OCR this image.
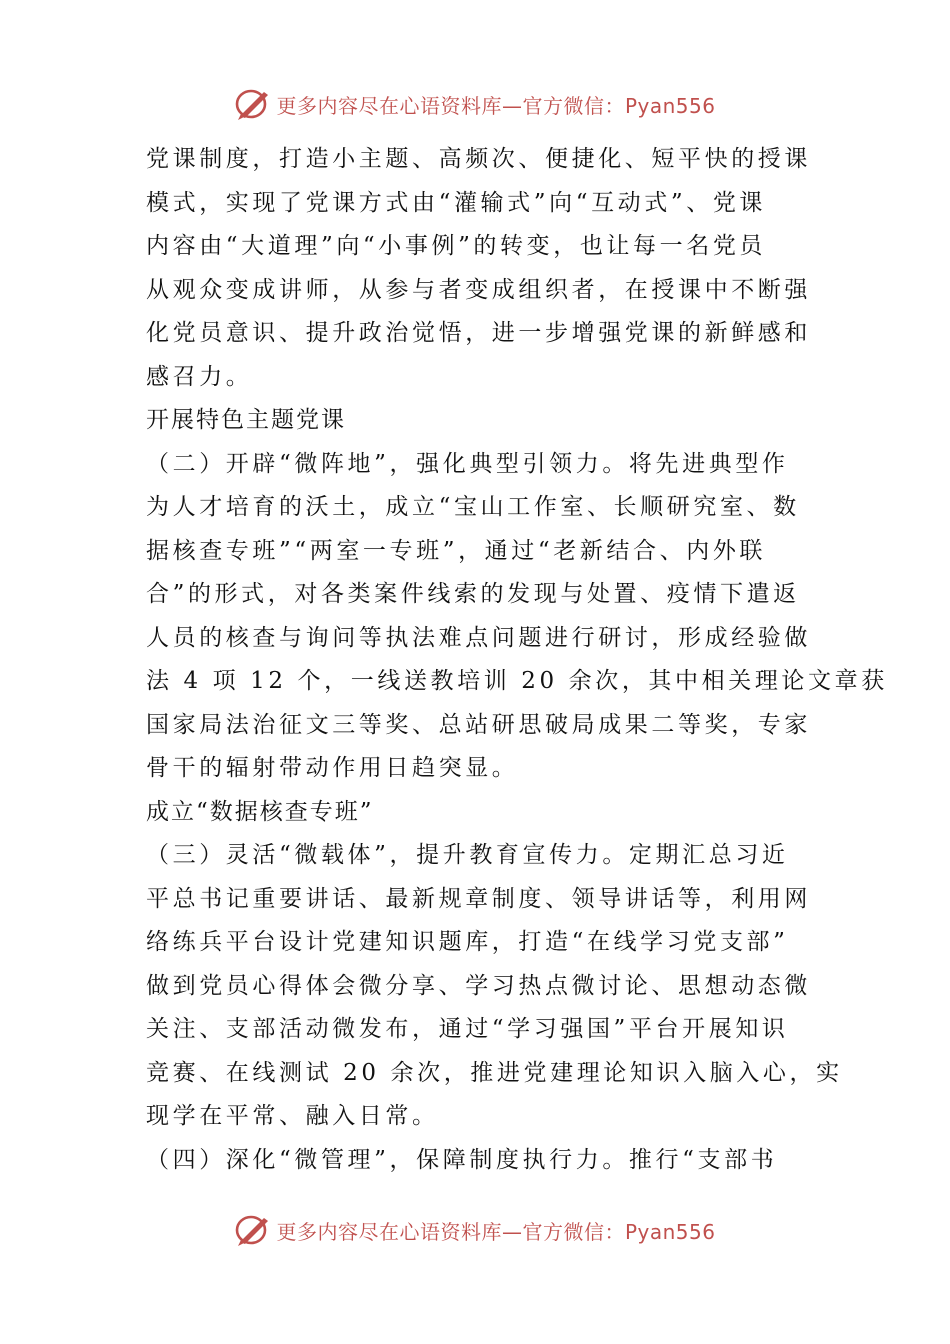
更多内容尽在心语资料库—官方微信：Pyan556
党课制度，打造小主题、高频次、便捷化、短平快的授课
模式，实现了党课方式由“灌输式”向“互动式”、党课
内容由“大道理”向“小事例”的转变，也让每一名党员
从观众变成讲师，从参与者变成组织者，在授课中不断强
化党员意识、提升政治觉悟，进一步增强党课的新鲜感和
感召力。
开展特色主题党课
（二）开辟“微阵地”，强化典型引领力。将先进典型作
为人才培育的沃土，成立“宝山工作室、长顺研究室、数
据核查专班”“两室一专班”，通过“老新结合、内外联
合”的形式，对各类案件线索的发现与处置、疫情下遣返
人员的核查与询问等执法难点问题进行研讨，形成经验做
法 4 项 12 个，一线送教培训 20 余次，其中相关理论文章获
国家局法治征文三等奖、总站研思破局成果二等奖，专家
骨干的辐射带动作用日趋突显。
成立“数据核查专班”
（三）灵活“微载体”，提升教育宣传力。定期汇总习近
平总书记重要讲话、最新规章制度、领导讲话等，利用网
络练兵平台设计党建知识题库，打造“在线学习党支部”
做到党员心得体会微分享、学习热点微讨论、思想动态微
关注、支部活动微发布，通过“学习强国”平台开展知识
竞赛、在线测试 20 余次，推进党建理论知识入脑入心，实
现学在平常、融入日常。
（四）深化“微管理”，保障制度执行力。推行“支部书
更多内容尽在心语资料库—官方微信：Pyan556
